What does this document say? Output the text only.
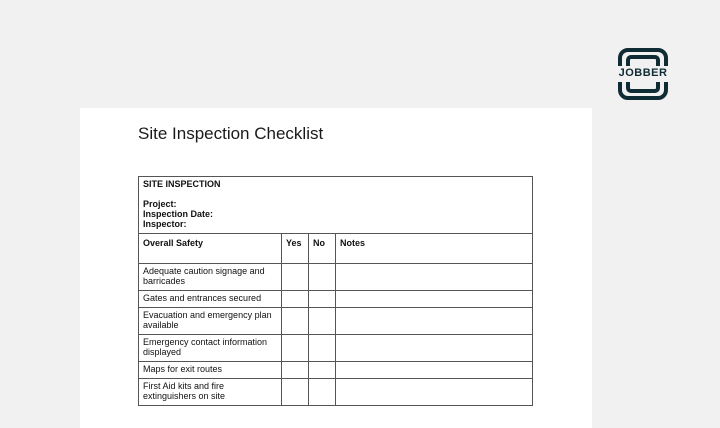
JOBBER
Site Inspection Checklist
SITE INSPECTION
Project:
Inspection Date:
Inspector:			

Overall Safety	Yes	No	Notes
Adequate caution signage and barricades			
Gates and entrances secured			
Evacuation and emergency plan available			
Emergency contact information displayed			
Maps for exit routes			
First Aid kits and fire extinguishers on site			
